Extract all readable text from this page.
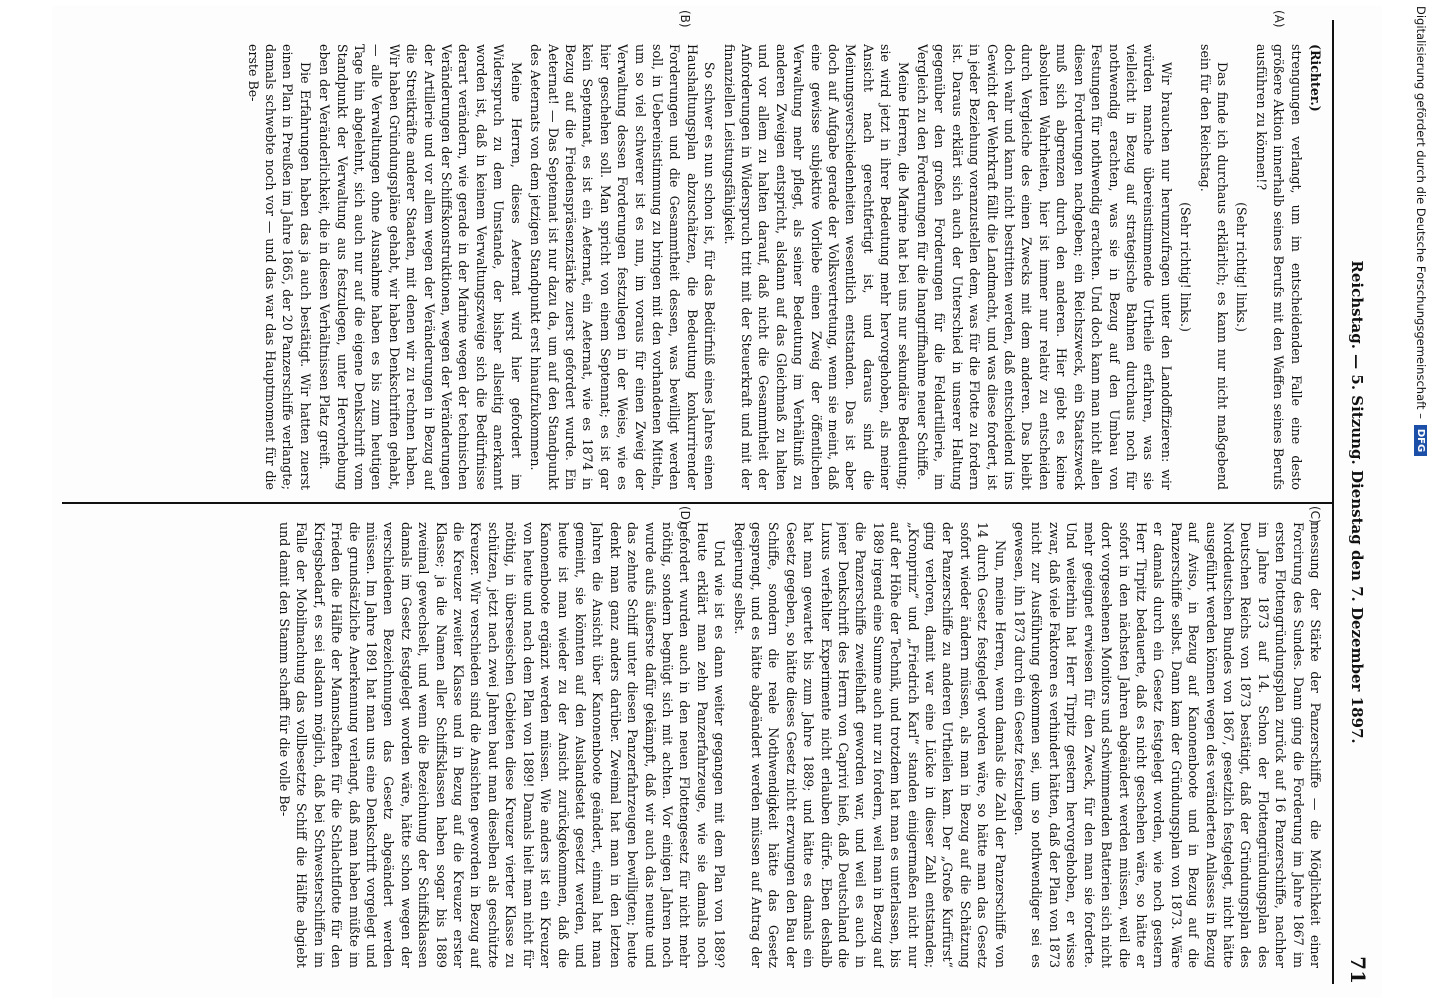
Reichstag. — 5. Sitzung. Dienstag den 7. Dezember 1897.
71
(A)
(B)
(C)
(D)

(Richter.)

strengungen verlangt, um im entscheidenden Falle eine desto größere Aktion innerhalb seines Berufs mit den Waffen seines Berufs ausführen zu können!?

(Sehr richtig! links.)

Das finde ich durchaus erklärlich; es kann nur nicht maßgebend sein für den Reichstag.

(Sehr richtig! links.)

Wir brauchen nur herumzufragen unter den Landoffizieren: wir würden manche übereinstimmende Urtheile erfahren, was sie vielleicht in Bezug auf strategische Bahnen durchaus noch für nothwendig erachten, was sie in Bezug auf den Umbau von Festungen für nothwendig erachten. Und doch kann man nicht allen diesen Forderungen nachgeben; ein Reichszweck, ein Staatszweck muß sich abgrenzen durch den anderen. Hier giebt es keine absoluten Wahrheiten, hier ist immer nur relativ zu entscheiden durch Vergleiche des einen Zwecks mit dem anderen. Das bleibt doch wahr und kann nicht bestritten werden, daß entscheidend ins Gewicht der Wehrkraft fällt die Landmacht, und was diese fordert, ist in jeder Beziehung voranzustellen dem, was für die Flotte zu fordern ist. Daraus erklärt sich auch der Unterschied in unserer Haltung gegenüber den großen Forderungen für die Feldartillerie, im Vergleich zu den Forderungen für die Inangriffnahme neuer Schiffe.

Meine Herren, die Marine hat bei uns nur sekundäre Bedeutung; sie wird jetzt in ihrer Bedeutung mehr hervorgehoben, als meiner Ansicht nach gerechtfertigt ist, und daraus sind die Meinungsverschiedenheiten wesentlich entstanden. Das ist aber doch auf Aufgabe gerade der Volksvertretung, wenn sie meint, daß eine gewisse subjektive Vorliebe einen Zweig der öffentlichen Verwaltung mehr pflegt, als seiner Bedeutung im Verhältniß zu anderen Zweigen entspricht, alsdann auf das Gleichmaß zu halten und vor allem zu halten darauf, daß nicht die Gesammtheit der Anforderungen in Widerspruch tritt mit der Steuerkraft und mit der finanziellen Leistungsfähigkeit.

So schwer es nun schon ist, für das Bedürfniß eines Jahres einen Haushaltungsplan abzuschätzen, die Bedeutung konkurrirender Forderungen und die Gesammtheit dessen, was bewilligt werden soll, in Uebereinstimmung zu bringen mit den vorhandenen Mitteln, um so viel schwerer ist es nun, im voraus für einen Zweig der Verwaltung dessen Forderungen festzulegen in der Weise, wie es hier geschehen soll. Man spricht von einem Septennat; es ist gar kein Septennat, es ist ein Aeternat, ein Aeternat, wie es 1874 in Bezug auf die Friedenspräsenzstärke zuerst gefordert wurde. Ein Aeternat! — Das Septennat ist nur dazu da, um auf den Standpunkt des Aeternats von dem jetzigen Standpunkt erst hinaufzukommen.

Meine Herren, dieses Aeternat wird hier gefordert im Widerspruch zu dem Umstande, der bisher allseitig anerkannt worden ist, daß in keinem Verwaltungszweige sich die Bedürfnisse derart verändern, wie gerade in der Marine wegen der technischen Veränderungen der Schiffskonstruktionen, wegen der Veränderungen der Artillerie und vor allem wegen der Veränderungen in Bezug auf die Streitkräfte anderer Staaten, mit denen wir zu rechnen haben. Wir haben Gründungspläne gehabt, wir haben Denkschriften gehabt, — alle Verwaltungen ohne Ausnahme haben es bis zum heutigen Tage hin abgelehnt, sich auch nur auf die eigene Denkschrift vom Standpunkt der Verwaltung aus festzulegen, unter Hervorhebung eben der Veränderlichkeit, die in diesen Verhältnissen Platz greift.

Die Erfahrungen haben das ja auch bestätigt. Wir hatten zuerst einen Plan in Preußen im Jahre 1865, der 20 Panzerschiffe verlangte; damals schwebte noch vor — und das war das Hauptmoment für die erste Be-

messung der Stärke der Panzerschiffe — die Möglichkeit einer Forcirung des Sundes. Dann ging die Forderung im Jahre 1867 im ersten Flottengründungsplan zurück auf 16 Panzerschiffe, nachher im Jahre 1873 auf 14. Schon der Flottengründungsplan des Deutschen Reichs von 1873 bestätigt, daß der Gründungsplan des Norddeutschen Bundes von 1867, gesetzlich festgelegt, nicht hätte ausgeführt werden können wegen des veränderten Anlasses in Bezug auf Aviso, in Bezug auf Kanonenboote und in Bezug auf die Panzerschiffe selbst. Dann kam der Gründungsplan von 1873. Wäre er damals durch ein Gesetz festgelegt worden, wie noch gestern Herr Tirpitz bedauerte, daß es nicht geschehen wäre, so hätte er sofort in den nächsten Jahren abgeändert werden müssen, weil die dort vorgesehenen Monitors und schwimmenden Batterien sich nicht mehr geeignet erwiesen für den Zweck, für den man sie forderte. Und weiterhin hat Herr Tirpitz gestern hervorgehoben, er wisse zwar, daß viele Faktoren es verhindert hätten, daß der Plan von 1873 nicht zur Ausführung gekommen sei, um so nothwendiger sei es gewesen, ihn 1873 durch ein Gesetz festzulegen.

Nun, meine Herren, wenn damals die Zahl der Panzerschiffe von 14 durch Gesetz festgelegt worden wäre, so hätte man das Gesetz sofort wieder ändern müssen, als man in Bezug auf die Schätzung der Panzerschiffe zu anderen Urtheilen kam. Der „Große Kurfürst“ ging verloren, damit war eine Lücke in dieser Zahl entstanden; „Kronprinz“ und „Friedrich Karl“ standen einigermaßen nicht nur auf der Höhe der Technik, und trotzdem hat man es unterlassen, bis 1889 irgend eine Summe auch nur zu fordern, weil man in Bezug auf die Panzerschiffe zweifelhaft geworden war, und weil es auch in jener Denkschrift des Herrn von Caprivi hieß, daß Deutschland die Luxus verfehlter Experimente nicht erlauben dürfe. Eben deshalb hat man gewartet bis zum Jahre 1889; und hätte es damals ein Gesetz gegeben, so hätte dieses Gesetz nicht erzwungen den Bau der Schiffe, sondern die reale Nothwendigkeit hätte das Gesetz gesprengt, und es hätte abgeändert werden müssen auf Antrag der Regierung selbst.

Und wie ist es dann weiter gegangen mit dem Plan von 1889? Heute erklärt man zehn Panzerfahrzeuge, wie sie damals noch gefordert wurden auch in den neuen Flottengesetz für nicht mehr nöthig, sondern begnügt sich mit achten. Vor einigen Jahren noch wurde aufs äußerste dafür gekämpft, daß wir auch das neunte und das zehnte Schiff unter diesen Panzerfahrzeugen bewilligten; heute denkt man ganz anders darüber. Zweimal hat man in den letzten Jahren die Ansicht über Kanonenboote geändert, einmal hat man gemeint, sie könnten auf den Auslandsetat gesetzt werden, und heute ist man wieder zu der Ansicht zurückgekommen, daß die Kanonenboote ergänzt werden müssen. Wie anders ist ein Kreuzer von heute und nach dem Plan von 1889! Damals hielt man nicht für nöthig, in überseeischen Gebieten diese Kreuzer vierter Klasse zu schützen, jetzt nach zwei Jahren baut man dieselben als geschützte Kreuzer. Wir verschieden sind die Ansichten geworden in Bezug auf die Kreuzer zweiter Klasse und in Bezug auf die Kreuzer erster Klasse; ja die Namen aller Schiffsklassen haben sogar bis 1889 zweimal gewechselt, und wenn die Bezeichnung der Schiffsklassen damals im Gesetz festgelegt worden wäre, hätte schon wegen der verschiedenen Bezeichnungen das Gesetz abgeändert werden müssen. Im Jahre 1891 hat man uns eine Denkschrift vorgelegt und die grundsätzliche Anerkennung verlangt, daß man haben müßte im Frieden die Hälfte der Mannschaften für die Schlachtflotte für den Kriegsbedarf, es sei alsdann möglich, daß bei Schwesterschiffen im Falle der Mobilmachung das vollbesetzte Schiff die Hälfte abgiebt und damit den Stamm schafft für die volle Be-

Digitalisierung gefördert durch die Deutsche Forschungsgemeinschaft –
DFG
